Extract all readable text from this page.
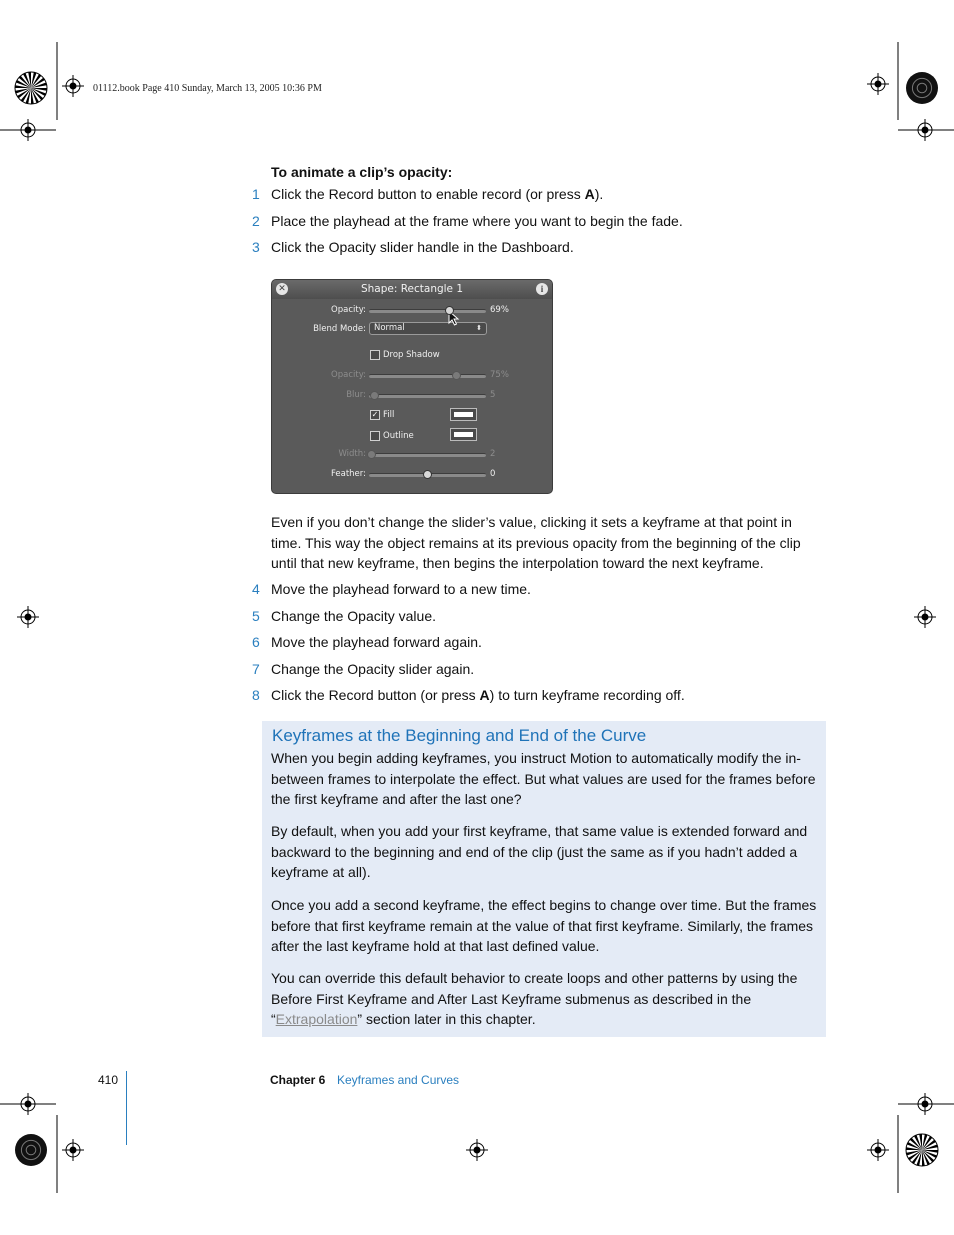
01112.book Page 410 Sunday, March 13, 2005 10:36 PM
To animate a clip’s opacity:
1 Click the Record button to enable record (or press A).
2 Place the playhead at the frame where you want to begin the fade.
3 Click the Opacity slider handle in the Dashboard.
✕	Shape: Rectangle 1	i
Opacity:	69%
Blend Mode: Normal	⬍
Drop Shadow
Opacity:	75%
Blur:	5
✓ Fill
Outline
Width:	2
Feather:	0
Even if you don’t change the slider’s value, clicking it sets a keyframe at that point in time. This way the object remains at its previous opacity from the beginning of the clip until that new keyframe, then begins the interpolation toward the next keyframe.
4 Move the playhead forward to a new time.
5 Change the Opacity value.
6 Move the playhead forward again.
7 Change the Opacity slider again.
8 Click the Record button (or press A) to turn keyframe recording off.
Keyframes at the Beginning and End of the Curve
When you begin adding keyframes, you instruct Motion to automatically modify the in-between frames to interpolate the effect. But what values are used for the frames before the first keyframe and after the last one?
By default, when you add your first keyframe, that same value is extended forward and backward to the beginning and end of the clip (just the same as if you hadn’t added a keyframe at all).
Once you add a second keyframe, the effect begins to change over time. But the frames before that first keyframe remain at the value of that first keyframe. Similarly, the frames after the last keyframe hold at that last defined value.
You can override this default behavior to create loops and other patterns by using the Before First Keyframe and After Last Keyframe submenus as described in the “Extrapolation” section later in this chapter.
410	Chapter 6 Keyframes and Curves
